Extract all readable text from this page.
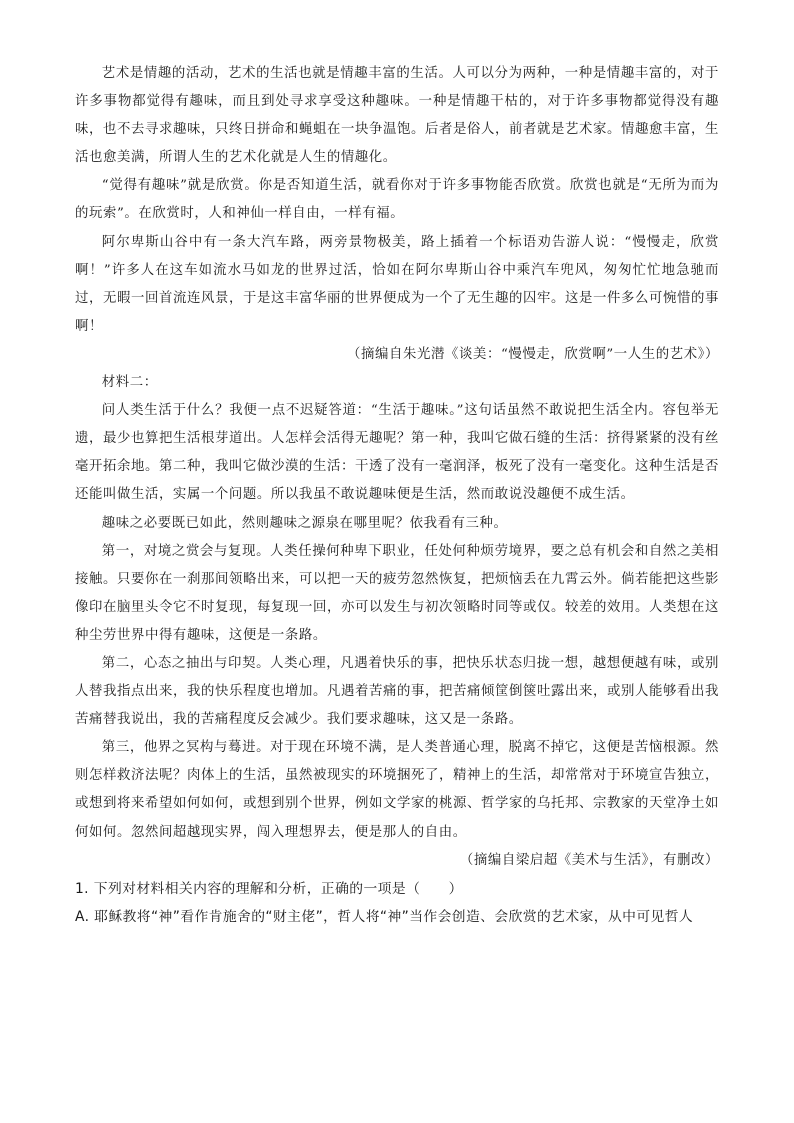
艺术是情趣的活动，艺术的生活也就是情趣丰富的生活。人可以分为两种，一种是情趣丰富的，对于许多事物都觉得有趣味，而且到处寻求享受这种趣味。一种是情趣干枯的，对于许多事物都觉得没有趣味，也不去寻求趣味，只终日拼命和蝇蛆在一块争温饱。后者是俗人，前者就是艺术家。情趣愈丰富，生活也愈美满，所谓人生的艺术化就是人生的情趣化。

“觉得有趣味”就是欣赏。你是否知道生活，就看你对于许多事物能否欣赏。欣赏也就是“无所为而为的玩索”。在欣赏时，人和神仙一样自由，一样有福。

阿尔卑斯山谷中有一条大汽车路，两旁景物极美，路上插着一个标语劝告游人说：“慢慢走，欣赏啊！”许多人在这车如流水马如龙的世界过活，恰如在阿尔卑斯山谷中乘汽车兜风，匆匆忙忙地急驰而过，无暇一回首流连风景，于是这丰富华丽的世界便成为一个了无生趣的囚牢。这是一件多么可惋惜的事啊！

（摘编自朱光潜《谈美：“慢慢走，欣赏啊”一人生的艺术》）

材料二：

问人类生活于什么？我便一点不迟疑答道：“生活于趣味。”这句话虽然不敢说把生活全内。容包举无遗，最少也算把生活根芽道出。人怎样会活得无趣呢？第一种，我叫它做石缝的生活：挤得紧紧的没有丝毫开拓余地。第二种，我叫它做沙漠的生活：干透了没有一毫润泽，板死了没有一毫变化。这种生活是否还能叫做生活，实属一个问题。所以我虽不敢说趣味便是生活，然而敢说没趣便不成生活。

趣味之必要既已如此，然则趣味之源泉在哪里呢？依我看有三种。

第一，对境之赏会与复现。人类任操何种卑下职业，任处何种烦劳境界，要之总有机会和自然之美相接触。只要你在一刹那间领略出来，可以把一天的疲劳忽然恢复，把烦恼丢在九霄云外。倘若能把这些影像印在脑里头令它不时复现，每复现一回，亦可以发生与初次领略时同等或仅。较差的效用。人类想在这种尘劳世界中得有趣味，这便是一条路。

第二，心态之抽出与印契。人类心理，凡遇着快乐的事，把快乐状态归拢一想，越想便越有味，或别人替我指点出来，我的快乐程度也增加。凡遇着苦痛的事，把苦痛倾筐倒箧吐露出来，或别人能够看出我苦痛替我说出，我的苦痛程度反会减少。我们要求趣味，这又是一条路。

第三，他界之冥构与蓦进。对于现在环境不满，是人类普通心理，脱离不掉它，这便是苦恼根源。然则怎样救济法呢？肉体上的生活，虽然被现实的环境捆死了，精神上的生活，却常常对于环境宣告独立，或想到将来希望如何如何，或想到别个世界，例如文学家的桃源、哲学家的乌托邦、宗教家的天堂净土如何如何。忽然间超越现实界，闯入理想界去，便是那人的自由。

（摘编自梁启超《美术与生活》，有删改）

1. 下列对材料相关内容的理解和分析，正确的一项是（　　）

A. 耶稣教将“神”看作肯施舍的“财主佬”，哲人将“神”当作会创造、会欣赏的艺术家，从中可见哲人
